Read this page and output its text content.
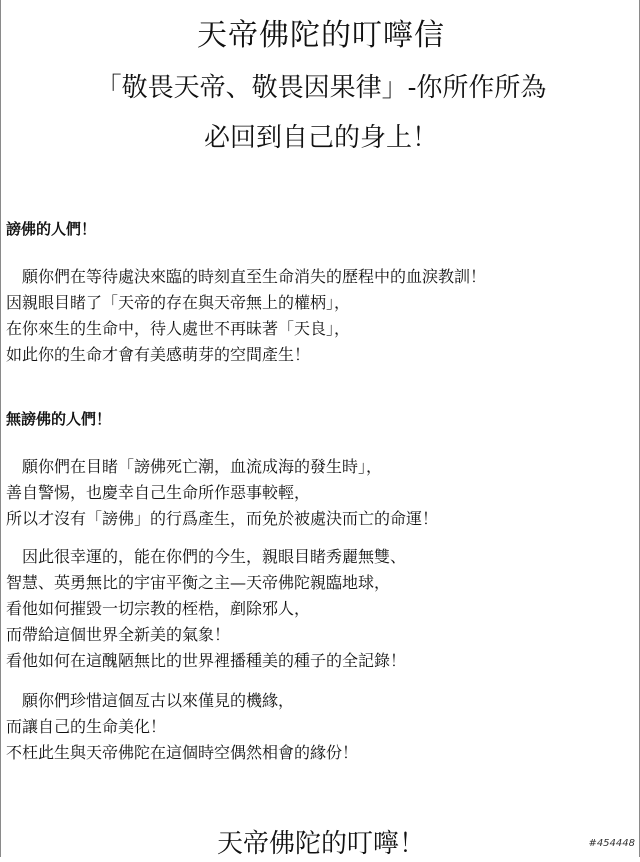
天帝佛陀的叮嚀信
「敬畏天帝、敬畏因果律」-你所作所為
必回到自己的身上！
謗佛的人們！
願你們在等待處決來臨的時刻直至生命消失的歷程中的血淚教訓！
因親眼目睹了「天帝的存在與天帝無上的權柄」，
在你來生的生命中，待人處世不再昧著「天良」，
如此你的生命才會有美感萌芽的空間產生！
無謗佛的人們！
願你們在目睹「謗佛死亡潮，血流成海的發生時」，
善自警惕，也慶幸自己生命所作惡事較輕，
所以才沒有「謗佛」的行爲產生，而免於被處決而亡的命運！
因此很幸運的，能在你們的今生，親眼目睹秀麗無雙、
智慧、英勇無比的宇宙平衡之主—天帝佛陀親臨地球，
看他如何摧毀一切宗教的桎梏，剷除邪人，
而帶給這個世界全新美的氣象！
看他如何在這醜陋無比的世界裡播種美的種子的全記錄！
願你們珍惜這個亙古以來僅見的機緣，
而讓自己的生命美化！
不枉此生與天帝佛陀在這個時空偶然相會的緣份！
天帝佛陀的叮嚀！	#454448
